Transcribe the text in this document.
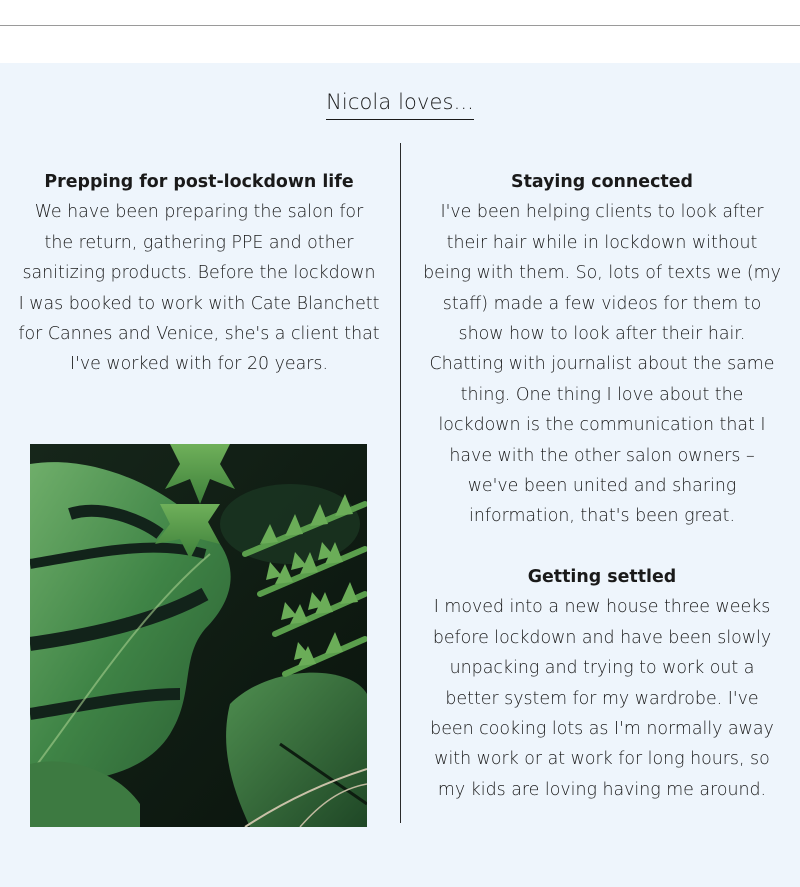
Nicola loves...
Prepping for post-lockdown life

We have been preparing the salon for the return, gathering PPE and other sanitizing products. Before the lockdown I was booked to work with Cate Blanchett for Cannes and Venice, she's a client that I've worked with for 20 years.

Staying connected

I've been helping clients to look after their hair while in lockdown without being with them. So, lots of texts we (my staff) made a few videos for them to show how to look after their hair. Chatting with journalist about the same thing. One thing I love about the lockdown is the communication that I have with the other salon owners – we've been united and sharing information, that's been great.

Getting settled

I moved into a new house three weeks before lockdown and have been slowly unpacking and trying to work out a better system for my wardrobe. I've been cooking lots as I'm normally away with work or at work for long hours, so my kids are loving having me around.
